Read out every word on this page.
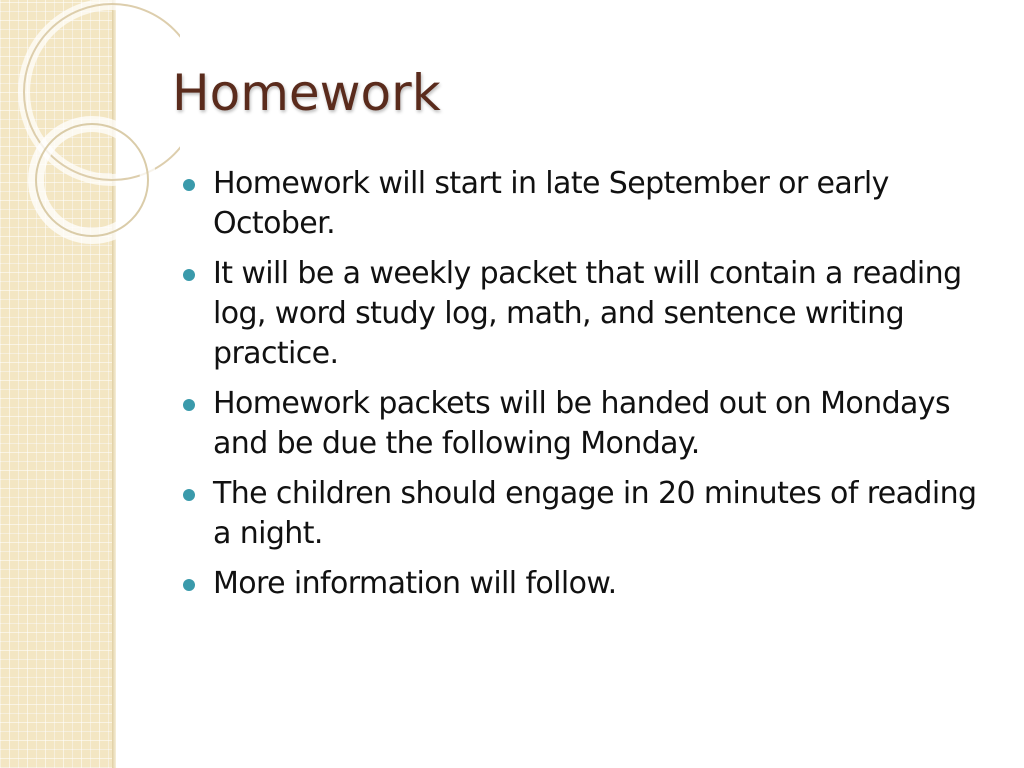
Homework
Homework will start in late September or early October.
It will be a weekly packet that will contain a reading log, word study log, math, and sentence writing practice.
Homework packets will be handed out on Mondays and be due the following Monday.
The children should engage in 20 minutes of reading a night.
More information will follow.
